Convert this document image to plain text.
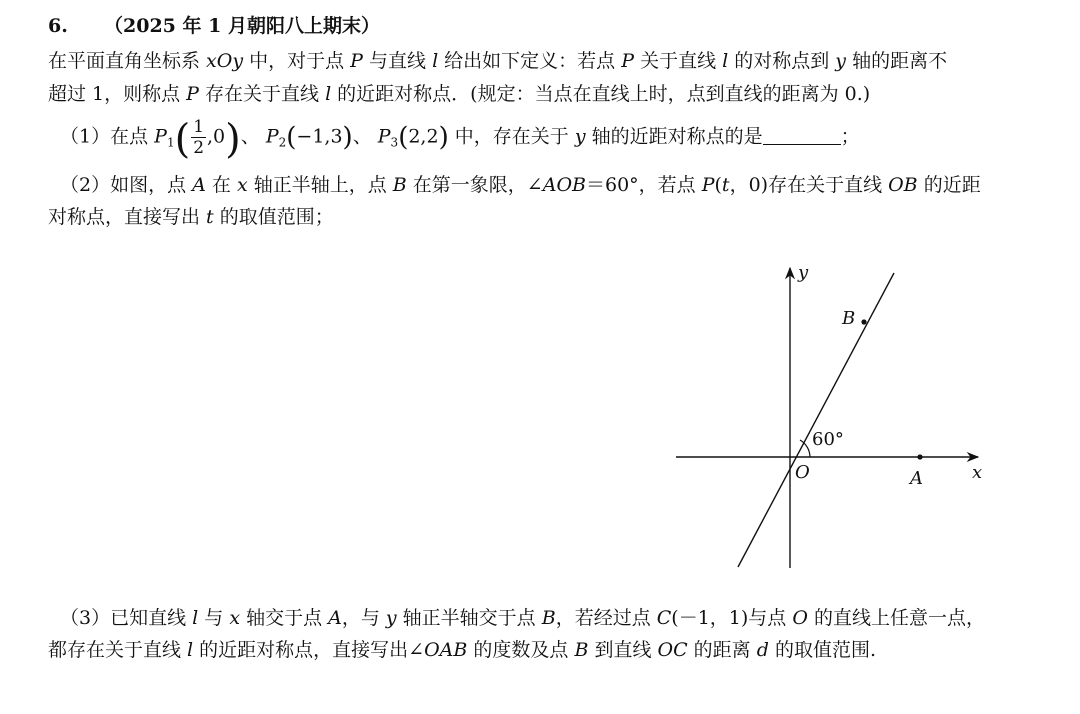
6. （2025 年 1 月朝阳八上期末）
在平面直角坐标系 xOy 中，对于点 P 与直线 l 给出如下定义：若点 P 关于直线 l 的对称点到 y 轴的距离不
超过 1，则称点 P 存在关于直线 l 的近距对称点．(规定：当点在直线上时，点到直线的距离为 0.)
（1）在点 $P_1( \frac{1}{2} ,0)$、 $P_2(-1,3)$、 $P_3(2,2)$ 中，存在关于 y 轴的近距对称点的是	；
（2）如图，点 A 在 x 轴正半轴上，点 B 在第一象限，∠AOB＝60°，若点 P(t，0)存在关于直线 OB 的近距
对称点，直接写出 t 的取值范围；
y
x
O	A
B
60°
（3）已知直线 l 与 x 轴交于点 A，与 y 轴正半轴交于点 B，若经过点 C(－1，1)与点 O 的直线上任意一点，
都存在关于直线 l 的近距对称点，直接写出∠OAB 的度数及点 B 到直线 OC 的距离 d 的取值范围.
